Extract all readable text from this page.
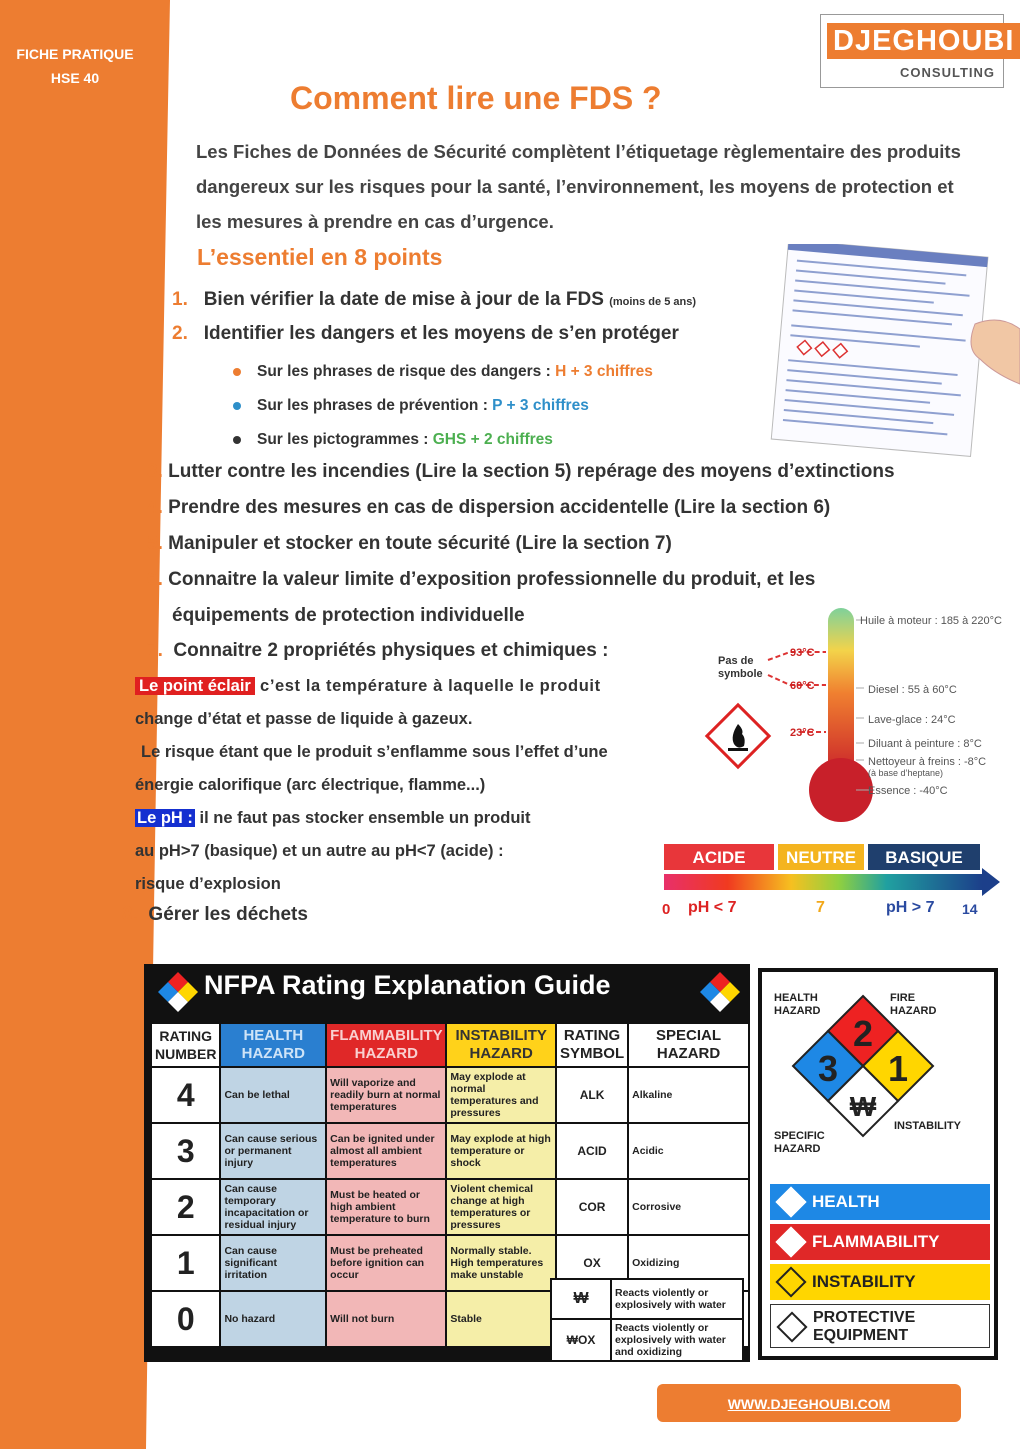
FICHE PRATIQUE
HSE 40
DJEGHOUBI
CONSULTING
Comment lire une FDS ?
Les Fiches de Données de Sécurité complètent l’étiquetage règlementaire des produits dangereux sur les risques pour la santé, l’environnement, les moyens de protection et les mesures à prendre en cas d’urgence.
L’essentiel en 8 points
1. Bien vérifier la date de mise à jour de la FDS (moins de 5 ans)
2. Identifier les dangers et les moyens de s’en protéger
Sur les phrases de risque des dangers : H + 3 chiffres
Sur les phrases de prévention : P + 3 chiffres
Sur les pictogrammes : GHS + 2 chiffres
3. Lutter contre les incendies (Lire la section 5) repérage des moyens d’extinctions
4. Prendre des mesures en cas de dispersion accidentelle (Lire la section 6)
5. Manipuler et stocker en toute sécurité (Lire la section 7)
6. Connaitre la valeur limite d’exposition professionnelle du produit, et les
équipements de protection individuelle
7. Connaitre 2 propriétés physiques et chimiques :
Le point éclair c’est la température à laquelle le produit
change d’état et passe de liquide à gazeux.
Le risque étant que le produit s’enflamme sous l’effet d’une
énergie calorifique (arc électrique, flamme...)
Le pH : il ne faut pas stocker ensemble un produit
au pH>7 (basique) et un autre au pH<7 (acide) :
risque d’explosion
8. Gérer les déchets
Pas de
symbole
93°C
60°C
23°C
Huile à moteur : 185 à 220°C
Diesel : 55 à 60°C
Lave-glace : 24°C
Diluant à peinture : 8°C
Nettoyeur à freins : -8°C
(à base d’heptane)
Essence : -40°C
ACIDE NEUTRE BASIQUE
0 pH < 7	7	pH > 7 14
NFPA Rating Explanation Guide
RATING NUMBER	HEALTH HAZARD	FLAMMABILITY HAZARD	INSTABILITY HAZARD	RATING SYMBOL	SPECIAL HAZARD
4	Can be lethal	Will vaporize and readily burn at normal temperatures	May explode at normal temperatures and pressures	ALK	Alkaline
3	Can cause serious or permanent injury	Can be ignited under almost all ambient temperatures	May explode at high temperature or shock	ACID	Acidic
2	Can cause temporary incapacitation or residual injury	Must be heated or high ambient temperature to burn	Violent chemical change at high temperatures or pressures	COR	Corrosive
1	Can cause significant irritation	Must be preheated before ignition can occur	Normally stable. High temperatures make unstable	OX	Oxidizing
0	No hazard	Will not burn	Stable		

₩	Reacts violently or explosively with water
₩OX	Reacts violently or explosively with water and oxidizing
HEALTH HAZARD
FIRE HAZARD
SPECIFIC HAZARD
INSTABILITY
2
3 1
₩
HEALTH
FLAMMABILITY
INSTABILITY
PROTECTIVE EQUIPMENT
WWW.DJEGHOUBI.COM
